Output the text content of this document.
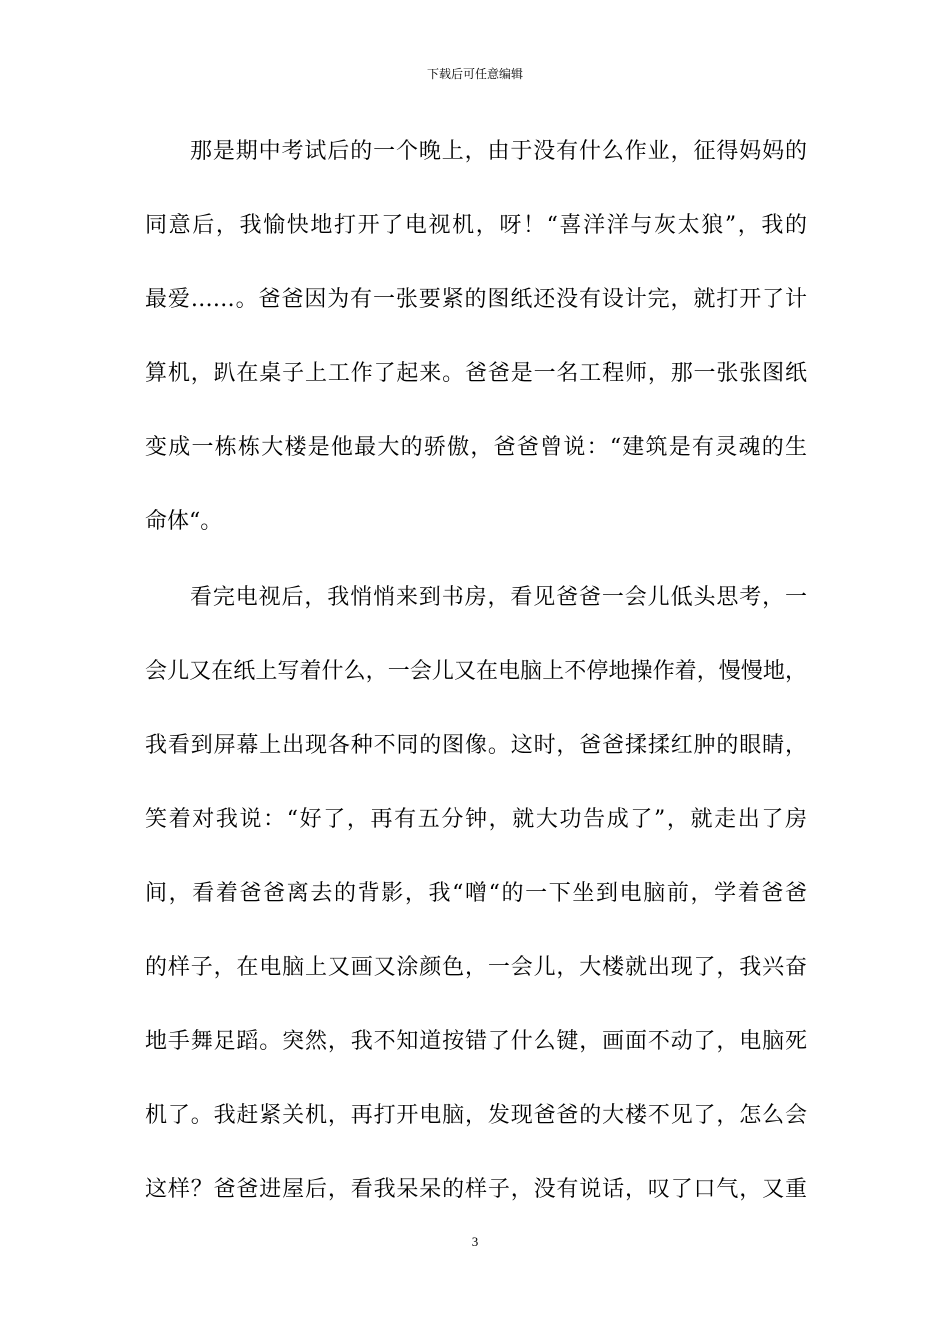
下载后可任意编辑

那是期中考试后的一个晚上，由于没有什么作业，征得妈妈的

同意后，我愉快地打开了电视机，呀！“喜洋洋与灰太狼”，我的

最爱……。爸爸因为有一张要紧的图纸还没有设计完，就打开了计

算机，趴在桌子上工作了起来。爸爸是一名工程师，那一张张图纸

变成一栋栋大楼是他最大的骄傲，爸爸曾说：“建筑是有灵魂的生

命体“。

看完电视后，我悄悄来到书房，看见爸爸一会儿低头思考，一

会儿又在纸上写着什么，一会儿又在电脑上不停地操作着，慢慢地，

我看到屏幕上出现各种不同的图像。这时，爸爸揉揉红肿的眼睛，

笑着对我说：“好了，再有五分钟，就大功告成了”，就走出了房

间，看着爸爸离去的背影，我“噌“的一下坐到电脑前，学着爸爸

的样子，在电脑上又画又涂颜色，一会儿，大楼就出现了，我兴奋

地手舞足蹈。突然，我不知道按错了什么键，画面不动了，电脑死

机了。我赶紧关机，再打开电脑，发现爸爸的大楼不见了，怎么会

这样？爸爸进屋后，看我呆呆的样子，没有说话，叹了口气，又重

3
